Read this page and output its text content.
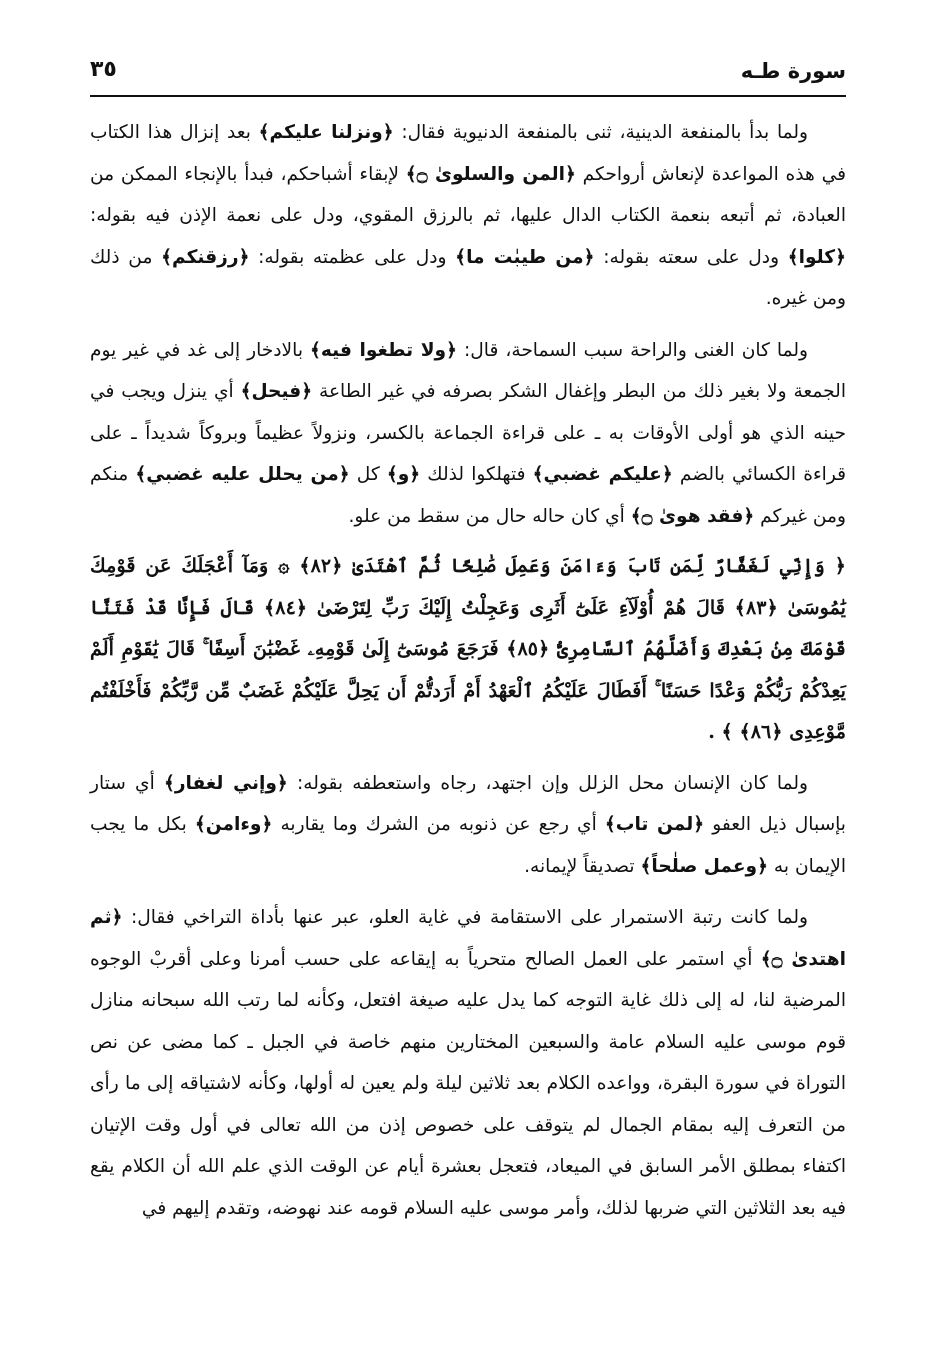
سورة طـه
٣٥

ولما بدأ بالمنفعة الدينية، ثنى بالمنفعة الدنيوية فقال: ﴿ونزلنا عليكم﴾ بعد إنزال هذا الكتاب في هذه المواعدة لإنعاش أرواحكم ﴿المن والسلوىٰ ۝﴾ لإبقاء أشباحكم، فبدأ بالإنجاء الممكن من العبادة، ثم أتبعه بنعمة الكتاب الدال عليها، ثم بالرزق المقوي، ودل على نعمة الإذن فيه بقوله: ﴿كلوا﴾ ودل على سعته بقوله: ﴿من طيبٰت ما﴾ ودل على عظمته بقوله: ﴿رزقنكم﴾ من ذلك ومن غيره.

ولما كان الغنى والراحة سبب السماحة، قال: ﴿ولا تطغوا فيه﴾ بالادخار إلى غد في غير يوم الجمعة ولا بغير ذلك من البطر وإغفال الشكر بصرفه في غير الطاعة ﴿فيحل﴾ أي ينزل ويجب في حينه الذي هو أولى الأوقات به ـ على قراءة الجماعة بالكسر، ونزولاً عظيماً وبروكاً شديداً ـ على قراءة الكسائي بالضم ﴿عليكم غضبي﴾ فتهلكوا لذلك ﴿و﴾ كل ﴿من يحلل عليه غضبي﴾ منكم ومن غيركم ﴿فقد هوىٰ ۝﴾ أي كان حاله حال من سقط من علو.

﴿ وَإِنِّي لَغَفَّارٌ لِّمَن تَابَ وَءَامَنَ وَعَمِلَ صَٰلِحًا ثُمَّ ٱهْتَدَىٰ ﴿٨٢﴾ ۞ وَمَآ أَعْجَلَكَ عَن قَوْمِكَ يَٰمُوسَىٰ ﴿٨٣﴾ قَالَ هُمْ أُوْلَآءِ عَلَىٰٓ أَثَرِى وَعَجِلْتُ إِلَيْكَ رَبِّ لِتَرْضَىٰ ﴿٨٤﴾ قَالَ فَإِنَّا قَدْ فَتَنَّا قَوْمَكَ مِنۢ بَعْدِكَ وَأَضَلَّهُمُ ٱلسَّامِرِىُّ ﴿٨٥﴾ فَرَجَعَ مُوسَىٰٓ إِلَىٰ قَوْمِهِۦ غَضْبَٰنَ أَسِفًا ۚ قَالَ يَٰقَوْمِ أَلَمْ يَعِدْكُمْ رَبُّكُمْ وَعْدًا حَسَنًا ۚ أَفَطَالَ عَلَيْكُمُ ٱلْعَهْدُ أَمْ أَرَدتُّمْ أَن يَحِلَّ عَلَيْكُمْ غَضَبٌ مِّن رَّبِّكُمْ فَأَخْلَفْتُم مَّوْعِدِى ﴿٨٦﴾ ﴾ .

ولما كان الإنسان محل الزلل وإن اجتهد، رجاه واستعطفه بقوله: ﴿وإني لغفار﴾ أي ستار بإسبال ذيل العفو ﴿لمن تاب﴾ أي رجع عن ذنوبه من الشرك وما يقاربه ﴿وءامن﴾ بكل ما يجب الإيمان به ﴿وعمل صلٰحاً﴾ تصديقاً لإيمانه.

ولما كانت رتبة الاستمرار على الاستقامة في غاية العلو، عبر عنها بأداة التراخي فقال: ﴿ثم اهتدىٰ ۝﴾ أي استمر على العمل الصالح متحرياً به إيقاعه على حسب أمرنا وعلى أقربْ الوجوه المرضية لنا، له إلى ذلك غاية التوجه كما يدل عليه صيغة افتعل، وكأنه لما رتب الله سبحانه منازل قوم موسى عليه السلام عامة والسبعين المختارين منهم خاصة في الجبل ـ كما مضى عن نص التوراة في سورة البقرة، وواعده الكلام بعد ثلاثين ليلة ولم يعين له أولها، وكأنه لاشتياقه إلى ما رأى من التعرف إليه بمقام الجمال لم يتوقف على خصوص إذن من الله تعالى في أول وقت الإتيان اكتفاء بمطلق الأمر السابق في الميعاد، فتعجل بعشرة أيام عن الوقت الذي علم الله أن الكلام يقع فيه بعد الثلاثين التي ضربها لذلك، وأمر موسى عليه السلام قومه عند نهوضه، وتقدم إليهم في
